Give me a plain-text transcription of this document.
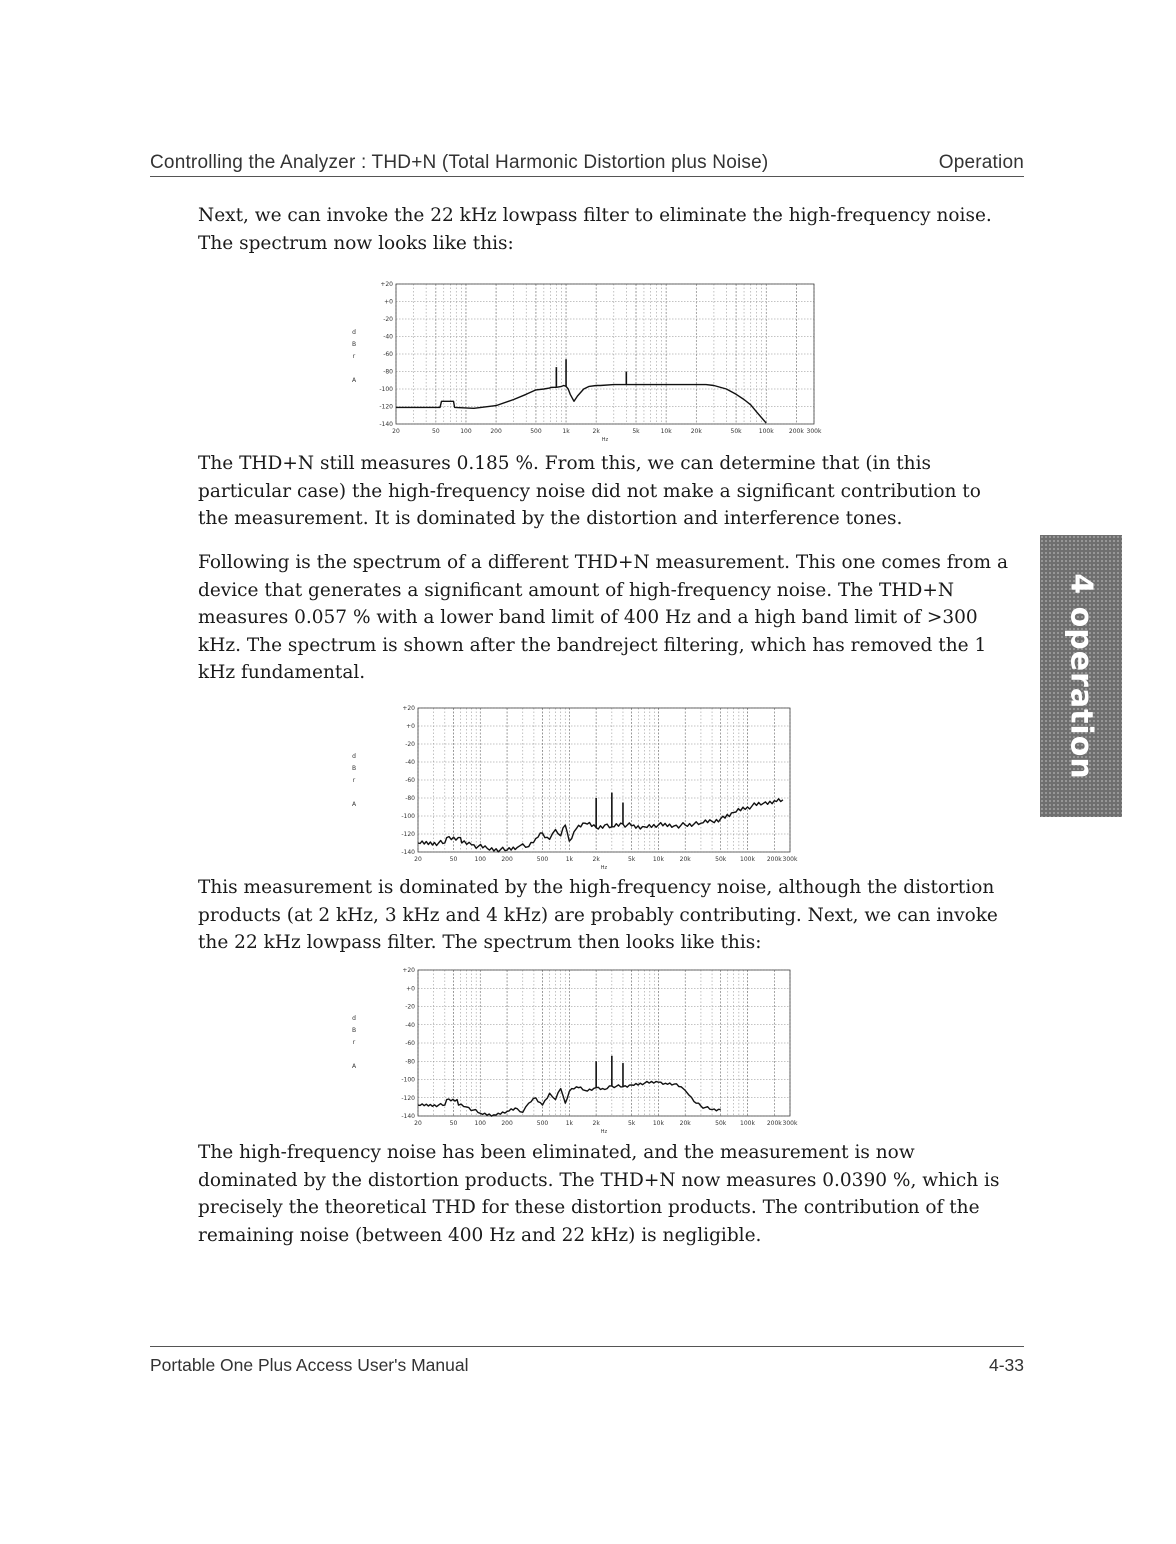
Controlling the Analyzer : THD+N (Total Harmonic Distortion plus Noise)	Operation

Next, we can invoke the 22 kHz lowpass filter to eliminate the high-frequency noise. The spectrum now looks like this:

20	50	100	200	500	1k	2k	5k	10k	20k	50k	100k	200k 300k
+20
+0
-20
-40
-60
-80
-100
-120
-140
Hz
d B r A

The THD+N still measures 0.185 %. From this, we can determine that (in this particular case) the high-frequency noise did not make a significant contribution to the measurement. It is dominated by the distortion and interference tones.

Following is the spectrum of a different THD+N measurement. This one comes from a device that generates a significant amount of high-frequency noise. The THD+N measures 0.057 % with a lower band limit of 400 Hz and a high band limit of >300 kHz. The spectrum is shown after the bandreject filtering, which has removed the 1 kHz fundamental.

20	50	100	200	500	1k	2k	5k	10k	20k	50k 100k 200k 300k
+20
+0
-20
-40
-60
-80
-100
-120
-140
Hz
d B r A

This measurement is dominated by the high-frequency noise, although the distortion products (at 2 kHz, 3 kHz and 4 kHz) are probably contributing. Next, we can invoke the 22 kHz lowpass filter. The spectrum then looks like this:

20	50	100	200	500	1k	2k	5k	10k	20k	50k 100k 200k 300k
+20
+0
-20
-40
-60
-80
-100
-120
-140
Hz
d B r A

The high-frequency noise has been eliminated, and the measurement is now dominated by the distortion products. The THD+N now measures 0.0390 %, which is precisely the theoretical THD for these distortion products. The contribution of the remaining noise (between 400 Hz and 22 kHz) is negligible.

4 operation
Portable One Plus Access User's Manual	4-33
